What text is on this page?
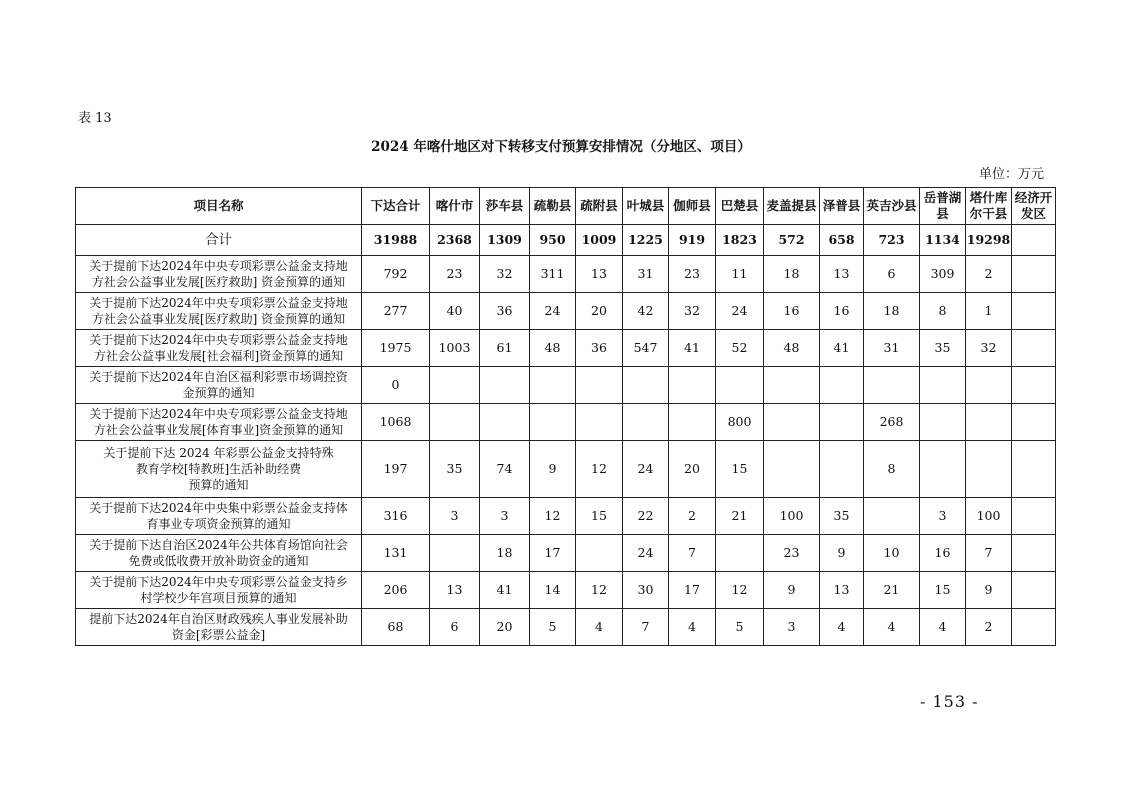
表 13
2024 年喀什地区对下转移支付预算安排情况（分地区、项目）
单位：万元
项目名称	下达合计	喀什市	莎车县	疏勒县	疏附县	叶城县	伽师县	巴楚县	麦盖提县	泽普县	英吉沙县	岳普湖县	塔什库尔干县	经济开发区
合计	31988	2368	1309	950	1009	1225	919	1823	572	658	723	1134	19298	
关于提前下达2024年中央专项彩票公益金支持地
方社会公益事业发展[医疗救助] 资金预算的通知	792	23	32	311	13	31	23	11	18	13	6	309	2	
关于提前下达2024年中央专项彩票公益金支持地
方社会公益事业发展[医疗救助] 资金预算的通知	277	40	36	24	20	42	32	24	16	16	18	8	1	
关于提前下达2024年中央专项彩票公益金支持地
方社会公益事业发展[社会福利]资金预算的通知	1975	1003	61	48	36	547	41	52	48	41	31	35	32	
关于提前下达2024年自治区福利彩票市场调控资
金预算的通知	0													
关于提前下达2024年中央专项彩票公益金支持地
方社会公益事业发展[体育事业]资金预算的通知	1068							800			268			
关于提前下达 2024 年彩票公益金支持特殊
教育学校[特教班]生活补助经费
预算的通知	197	35	74	9	12	24	20	15			8			
关于提前下达2024年中央集中彩票公益金支持体
育事业专项资金预算的通知	316	3	3	12	15	22	2	21	100	35		3	100	
关于提前下达自治区2024年公共体育场馆向社会
免费或低收费开放补助资金的通知	131		18	17		24	7		23	9	10	16	7	
关于提前下达2024年中央专项彩票公益金支持乡
村学校少年宫项目预算的通知	206	13	41	14	12	30	17	12	9	13	21	15	9	
提前下达2024年自治区财政残疾人事业发展补助
资金[彩票公益金]	68	6	20	5	4	7	4	5	3	4	4	4	2	
- 153 -
